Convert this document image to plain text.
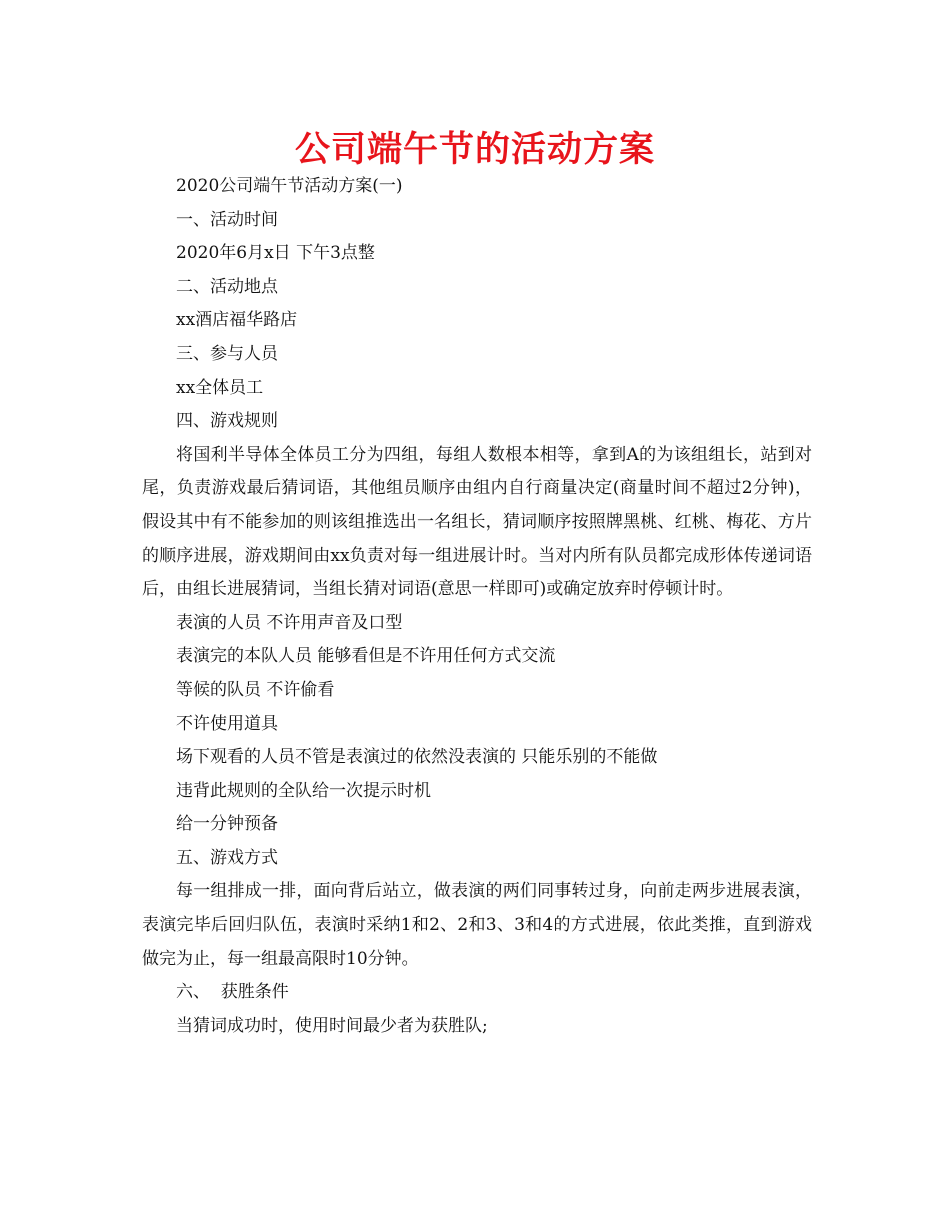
公司端午节的活动方案

2020公司端午节活动方案(一)

一、活动时间

2020年6月x日 下午3点整

二、活动地点

xx酒店福华路店

三、参与人员

xx全体员工

四、游戏规则

将国利半导体全体员工分为四组，每组人数根本相等，拿到A的为该组组长，站到对尾，负责游戏最后猜词语，其他组员顺序由组内自行商量决定(商量时间不超过2分钟)，假设其中有不能参加的则该组推选出一名组长，猜词顺序按照牌黑桃、红桃、梅花、方片的顺序进展，游戏期间由xx负责对每一组进展计时。当对内所有队员都完成形体传递词语后，由组长进展猜词，当组长猜对词语(意思一样即可)或确定放弃时停顿计时。

表演的人员 不许用声音及口型

表演完的本队人员 能够看但是不许用任何方式交流

等候的队员 不许偷看

不许使用道具

场下观看的人员不管是表演过的依然没表演的 只能乐别的不能做

违背此规则的全队给一次提示时机

给一分钟预备

五、游戏方式

每一组排成一排，面向背后站立，做表演的两们同事转过身，向前走两步进展表演，表演完毕后回归队伍，表演时采纳1和2、2和3、3和4的方式进展，依此类推，直到游戏做完为止，每一组最高限时10分钟。

六、  获胜条件

当猜词成功时，使用时间最少者为获胜队;
